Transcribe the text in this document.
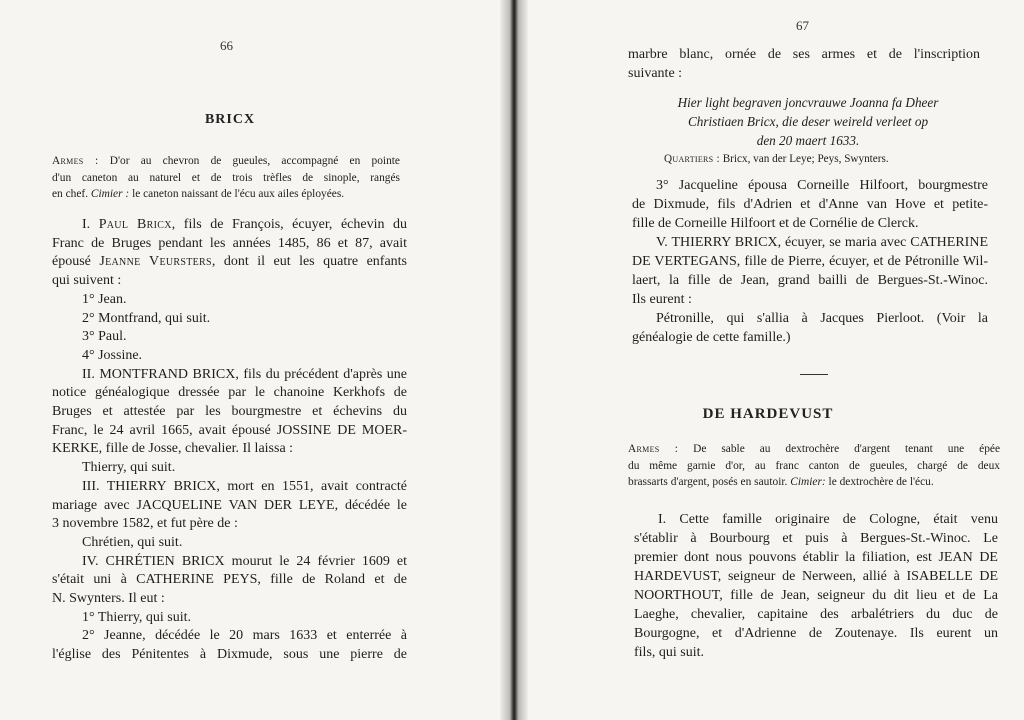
66
BRICX

Armes : D'or au chevron de gueules, accompagné en pointe
d'un caneton au naturel et de trois trèfles de sinople, rangés
en chef. Cimier : le caneton naissant de l'écu aux ailes éployées.

I. Paul Bricx, fils de François, écuyer, échevin du
Franc de Bruges pendant les années 1485, 86 et 87, avait
épousé Jeanne Veursters, dont il eut les quatre enfants
qui suivent :
1° Jean.
2° Montfrand, qui suit.
3° Paul.
4° Jossine.
II. MONTFRAND BRICX, fils du précédent d'après une
notice généalogique dressée par le chanoine Kerkhofs de
Bruges et attestée par les bourgmestre et échevins du
Franc, le 24 avril 1665, avait épousé JOSSINE DE MOER-
KERKE, fille de Josse, chevalier. Il laissa :
Thierry, qui suit.
III. THIERRY BRICX, mort en 1551, avait contracté
mariage avec JACQUELINE VAN DER LEYE, décédée le
3 novembre 1582, et fut père de :
Chrétien, qui suit.
IV. CHRÉTIEN BRICX mourut le 24 février 1609 et
s'était uni à CATHERINE PEYS, fille de Roland et de
N. Swynters. Il eut :
1° Thierry, qui suit.
2° Jeanne, décédée le 20 mars 1633 et enterrée à
l'église des Pénitentes à Dixmude, sous une pierre de
67
marbre blanc, ornée de ses armes et de l'inscription
suivante :
Hier light begraven joncvrauwe Joanna fa Dheer
Christiaen Bricx, die deser weireld verleet op
den 20 maert 1633.
Quartiers : Bricx, van der Leye; Peys, Swynters.
3° Jacqueline épousa Corneille Hilfoort, bourgmestre
de Dixmude, fils d'Adrien et d'Anne van Hove et petite-
fille de Corneille Hilfoort et de Cornélie de Clerck.
V. THIERRY BRICX, écuyer, se maria avec CATHERINE
DE VERTEGANS, fille de Pierre, écuyer, et de Pétronille Wil-
laert, la fille de Jean, grand bailli de Bergues-St.-Winoc.
Ils eurent :
Pétronille, qui s'allia à Jacques Pierloot. (Voir la
généalogie de cette famille.)
DE HARDEVUST

Armes : De sable au dextrochère d'argent tenant une épée
du même garnie d'or, au franc canton de gueules, chargé de deux
brassarts d'argent, posés en sautoir. Cimier: le dextrochère de l'écu.

I. Cette famille originaire de Cologne, était venu
s'établir à Bourbourg et puis à Bergues-St.-Winoc. Le
premier dont nous pouvons établir la filiation, est JEAN DE
HARDEVUST, seigneur de Nerween, allié à ISABELLE DE
NOORTHOUT, fille de Jean, seigneur du dit lieu et de La
Laeghe, chevalier, capitaine des arbalétriers du duc de
Bourgogne, et d'Adrienne de Zoutenaye. Ils eurent un
fils, qui suit.
